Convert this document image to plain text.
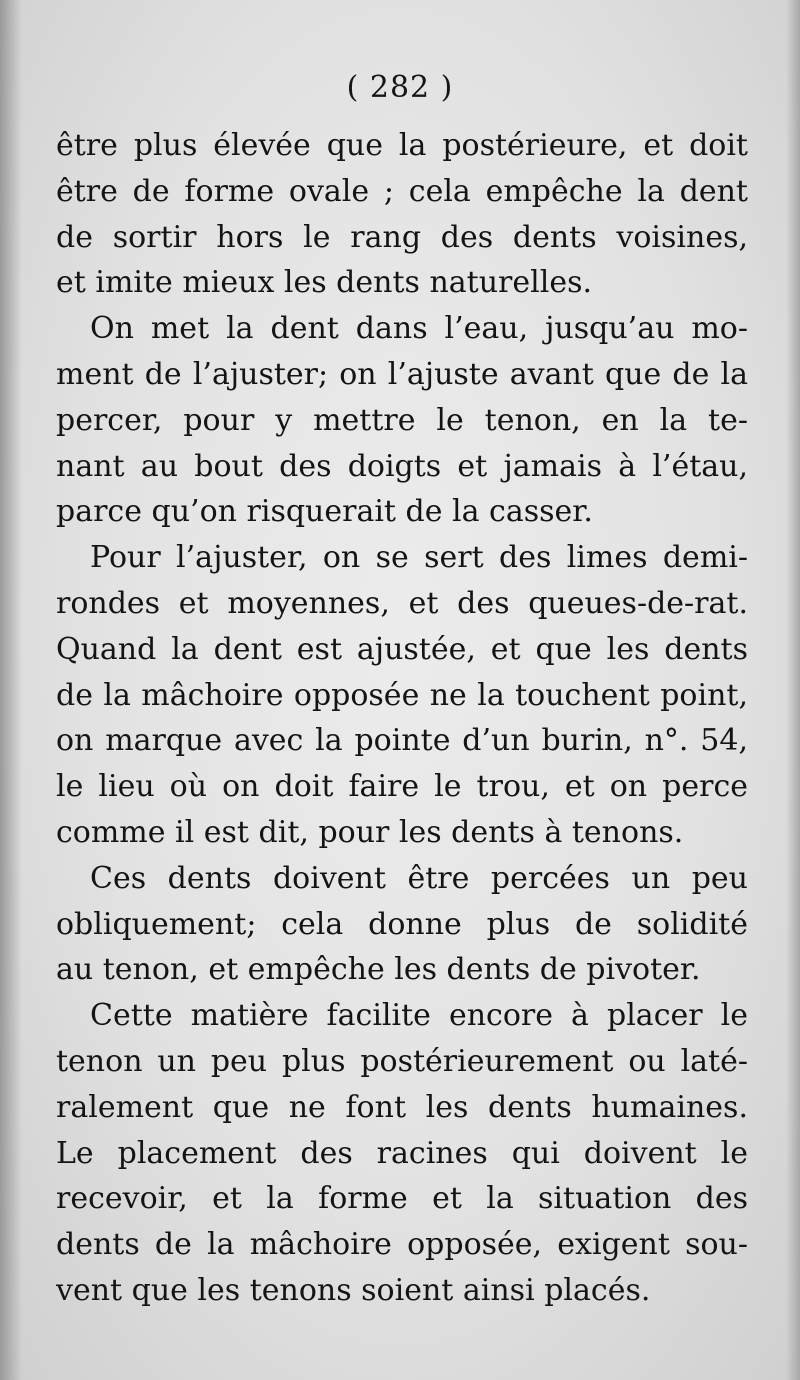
( 282 )
être plus élevée que la postérieure, et doit
être de forme ovale ; cela empêche la dent
de sortir hors le rang des dents voisines,
et imite mieux les dents naturelles.
On met la dent dans l’eau, jusqu’au mo-
ment de l’ajuster; on l’ajuste avant que de la
percer, pour y mettre le tenon, en la te-
nant au bout des doigts et jamais à l’étau,
parce qu’on risquerait de la casser.
Pour l’ajuster, on se sert des limes demi-
rondes et moyennes, et des queues-de-rat.
Quand la dent est ajustée, et que les dents
de la mâchoire opposée ne la touchent point,
on marque avec la pointe d’un burin, n°. 54,
le lieu où on doit faire le trou, et on perce
comme il est dit, pour les dents à tenons.
Ces dents doivent être percées un peu
obliquement; cela donne plus de solidité
au tenon, et empêche les dents de pivoter.
Cette matière facilite encore à placer le
tenon un peu plus postérieurement ou laté-
ralement que ne font les dents humaines.
Le placement des racines qui doivent le
recevoir, et la forme et la situation des
dents de la mâchoire opposée, exigent sou-
vent que les tenons soient ainsi placés.
